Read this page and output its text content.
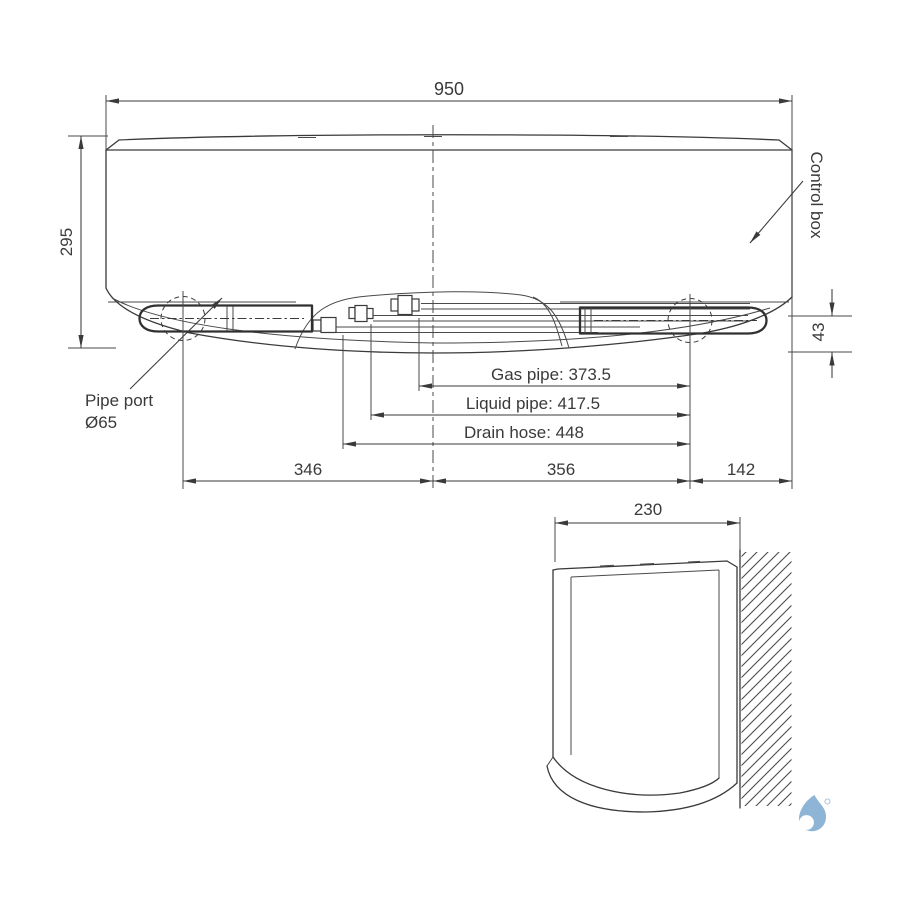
950
295
43
Gas pipe: 373.5
Liquid pipe: 417.5
Drain hose: 448
346	356	142
Control box
Pipe port
Ø65
230
